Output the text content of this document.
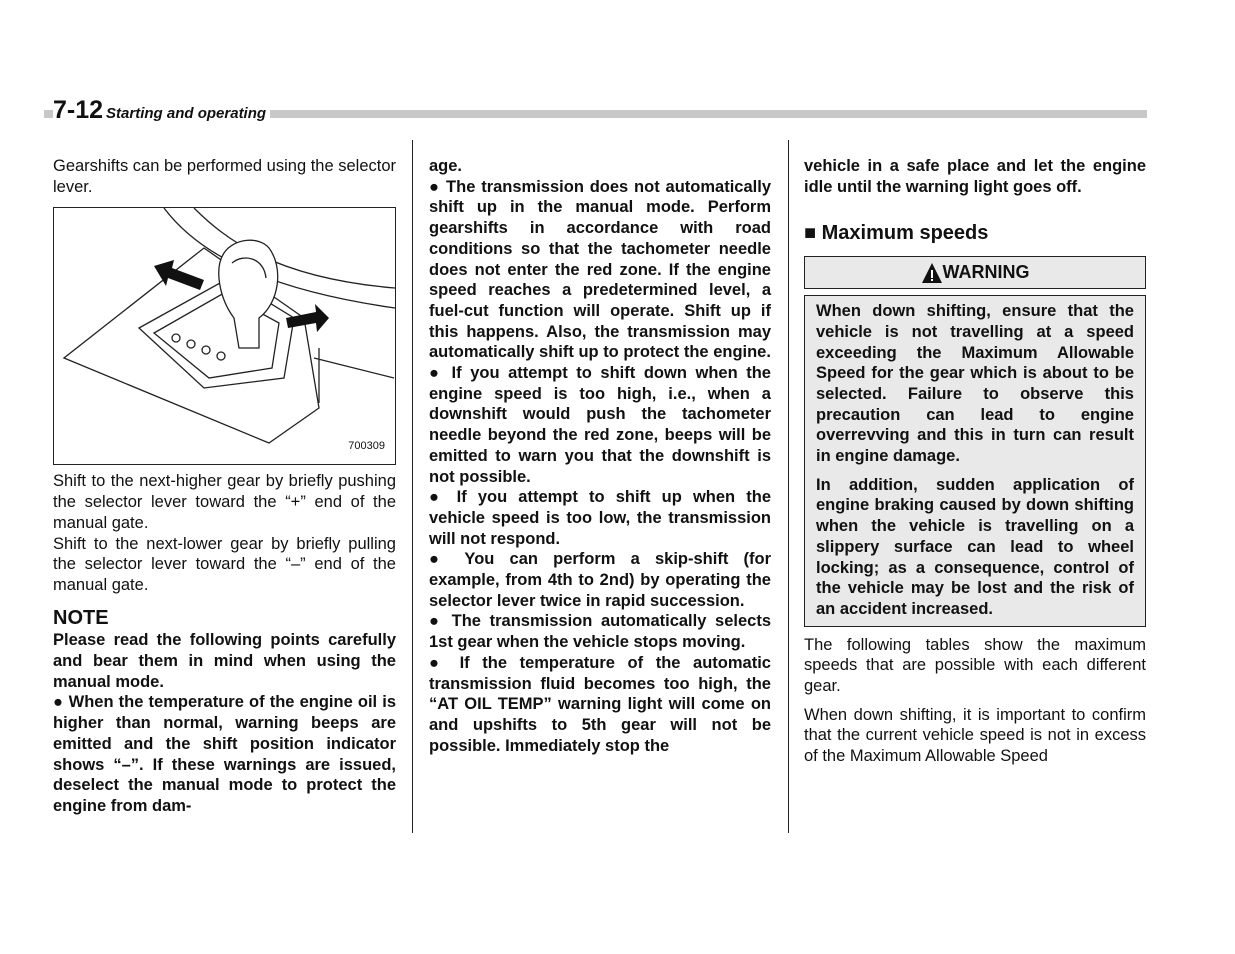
7-12 Starting and operating

Gearshifts can be performed using the selector lever.

700309

Shift to the next-higher gear by briefly pushing the selector lever toward the “+” end of the manual gate.

Shift to the next-lower gear by briefly pulling the selector lever toward the “–” end of the manual gate.

NOTE

Please read the following points carefully and bear them in mind when using the manual mode.

● When the temperature of the engine oil is higher than normal, warning beeps are emitted and the shift position indicator shows “–”. If these warnings are issued, deselect the manual mode to protect the engine from dam-

age.

● The transmission does not automatically shift up in the manual mode. Perform gearshifts in accordance with road conditions so that the tachometer needle does not enter the red zone. If the engine speed reaches a predetermined level, a fuel-cut function will operate. Shift up if this happens. Also, the transmission may automatically shift up to protect the engine.

● If you attempt to shift down when the engine speed is too high, i.e., when a downshift would push the tachometer needle beyond the red zone, beeps will be emitted to warn you that the downshift is not possible.

● If you attempt to shift up when the vehicle speed is too low, the transmission will not respond.

● You can perform a skip-shift (for example, from 4th to 2nd) by operating the selector lever twice in rapid succession.

● The transmission automatically selects 1st gear when the vehicle stops moving.

● If the temperature of the automatic transmission fluid becomes too high, the “AT OIL TEMP” warning light will come on and upshifts to 5th gear will not be possible. Immediately stop the

vehicle in a safe place and let the engine idle until the warning light goes off.

■ Maximum speeds
WARNING

When down shifting, ensure that the vehicle is not travelling at a speed exceeding the Maximum Allowable Speed for the gear which is about to be selected. Failure to observe this precaution can lead to engine overrevving and this in turn can result in engine damage.

In addition, sudden application of engine braking caused by down shifting when the vehicle is travelling on a slippery surface can lead to wheel locking; as a consequence, control of the vehicle may be lost and the risk of an accident increased.

The following tables show the maximum speeds that are possible with each different gear.

When down shifting, it is important to confirm that the current vehicle speed is not in excess of the Maximum Allowable Speed
